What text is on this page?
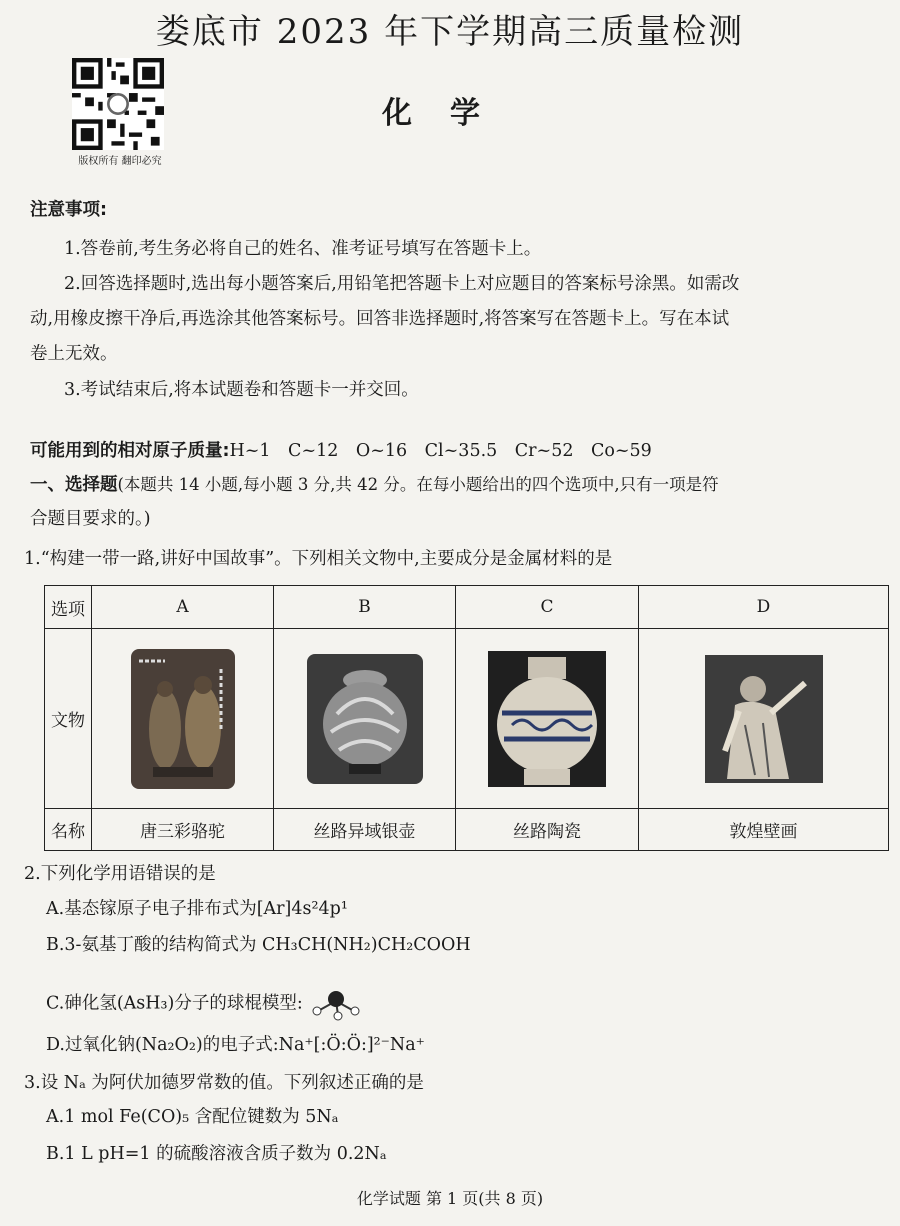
娄底市 2023 年下学期高三质量检测
化学
版权所有 翻印必究
注意事项:
1.答卷前,考生务必将自己的姓名、准考证号填写在答题卡上。
2.回答选择题时,选出每小题答案后,用铅笔把答题卡上对应题目的答案标号涂黑。如需改
动,用橡皮擦干净后,再选涂其他答案标号。回答非选择题时,将答案写在答题卡上。写在本试
卷上无效。
3.考试结束后,将本试题卷和答题卡一并交回。
可能用到的相对原子质量:H~1　C~12　O~16　Cl~35.5　Cr~52　Co~59
一、选择题(本题共 14 小题,每小题 3 分,共 42 分。在每小题给出的四个选项中,只有一项是符
合题目要求的。)
1.“构建一带一路,讲好中国故事”。下列相关文物中,主要成分是金属材料的是
选项	A	B	C	D
文物
名称	唐三彩骆驼	丝路异域银壶	丝路陶瓷	敦煌壁画
2.下列化学用语错误的是
A.基态镓原子电子排布式为[Ar]4s²4p¹
B.3-氨基丁酸的结构简式为 CH₃CH(NH₂)CH₂COOH
C.砷化氢(AsH₃)分子的球棍模型:
D.过氧化钠(Na₂O₂)的电子式:Na⁺[:Ö:Ö:]²⁻Na⁺
3.设 Nₐ 为阿伏加德罗常数的值。下列叙述正确的是
A.1 mol Fe(CO)₅ 含配位键数为 5Nₐ
B.1 L pH=1 的硫酸溶液含质子数为 0.2Nₐ
化学试题 第 1 页(共 8 页)
